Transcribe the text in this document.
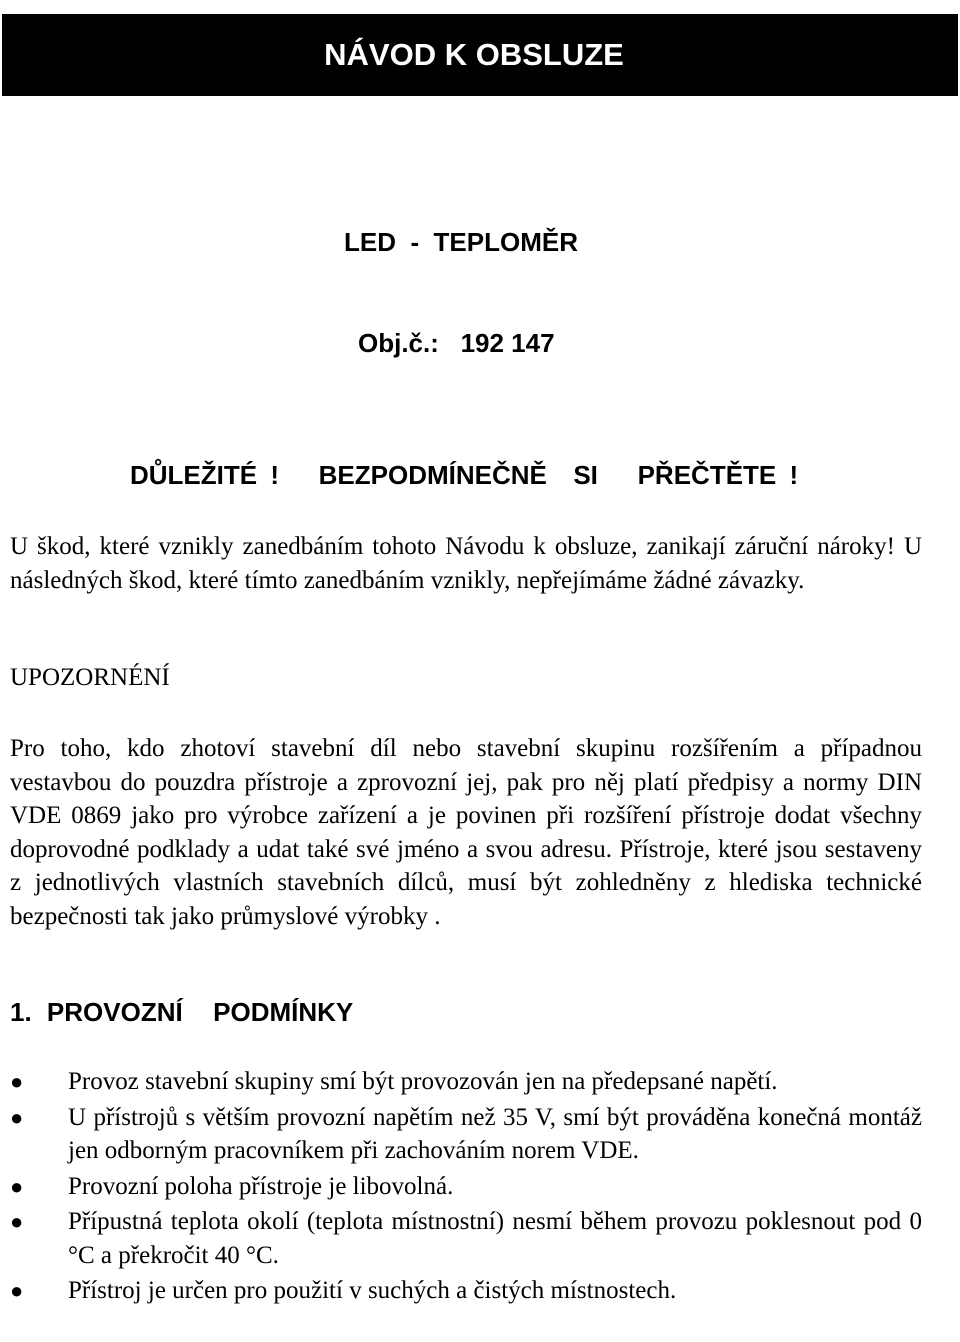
NÁVOD K OBSLUZE
LED  -  TEPLOMĚR
Obj.č.:   192 147
DŮLEŽITÉ !   BEZPODMÍNEČNĚ  SI   PŘEČTĚTE !
U škod, které vznikly zanedbáním tohoto Návodu k obsluze, zanikají záruční nároky! U následných škod, které tímto zanedbáním vznikly, nepřejímáme žádné závazky.
UPOZORNÉNÍ
Pro toho, kdo zhotoví stavební díl nebo stavební skupinu rozšířením a případnou vestavbou do pouzdra přístroje a zprovozní jej, pak pro něj platí předpisy a normy DIN VDE 0869 jako pro výrobce zařízení a je povinen při rozšíření přístroje dodat všechny doprovodné podklady a udat také své jméno a svou adresu. Přístroje, které jsou sestaveny z jednotlivých vlastních stavebních dílců, musí být zohledněny z hlediska technické bezpečnosti tak jako průmyslové výrobky .
1. PROVOZNÍ  PODMÍNKY
● Provoz stavební skupiny smí být provozován jen na předepsané napětí.
● U přístrojů s větším provozní napětím než 35 V, smí být prováděna konečná montáž jen odborným pracovníkem při zachováním norem VDE.
● Provozní poloha přístroje je libovolná.
● Přípustná teplota okolí (teplota místnostní) nesmí během provozu poklesnout pod 0 °C a překročit 40 °C.
● Přístroj je určen pro použití v suchých a čistých místnostech.
